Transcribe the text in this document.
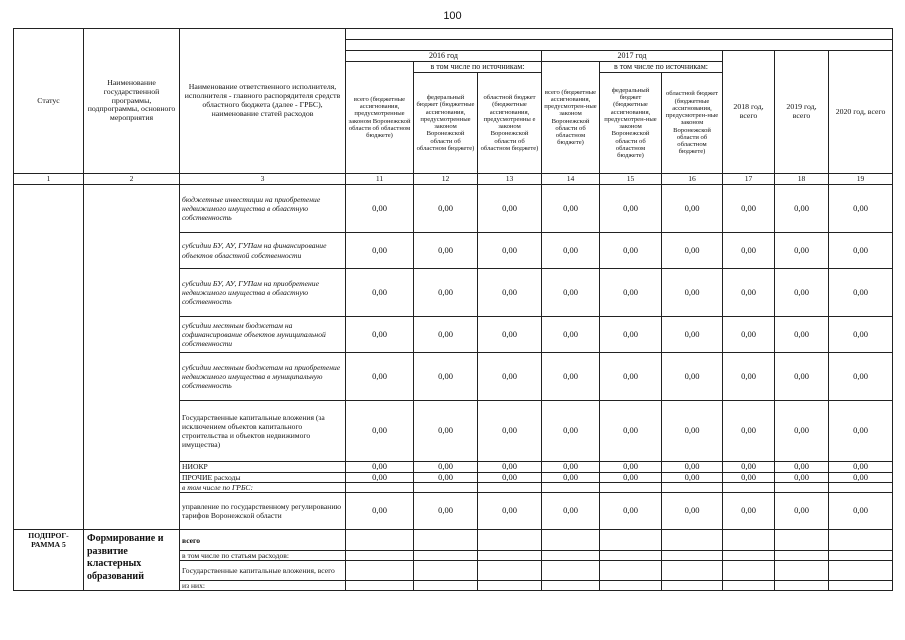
100
Статус	Наименование государственной программы, подпрограммы, основного мероприятия	Наименование ответственного исполнителя, исполнителя - главного распорядителя средств областного бюджета (далее - ГРБС), наименование статей расходов									

			2016 год			2017 год			2018 год, всего	2019 год, всего	2020 год, всего
			всего (бюджетные ассигнования, предусмотренные законом Воронежской области об областном бюджете)	в том числе по источникам:		всего (бюджетные ассигнования, предусмотрен-ные законом Воронежской области об областном бюджете)	в том числе по источникам:				
				федеральный бюджет (бюджетные ассигнования, предусмотренные законом Воронежской области об областном бюджете)	областной бюджет (бюджетные ассигнования, предусмотренны е законом Воронежской области об областном бюджете)		федеральный бюджет (бюджетные ассигнования, предусмотрен-ные законом Воронежской области об областном бюджете)	областной бюджет (бюджетные ассигнования, предусмотрен-ные законом Воронежской области об областном бюджете)			
1	2	3	11	12	13	14	15	16	17	18	19
		бюджетные инвестиции на приобретение недвижимого имущества в областную собственность	0,00	0,00	0,00	0,00	0,00	0,00	0,00	0,00	0,00
		субсидии БУ, АУ, ГУПам на финансирование объектов областной собственности	0,00	0,00	0,00	0,00	0,00	0,00	0,00	0,00	0,00
		субсидии БУ, АУ, ГУПам на приобретение недвижимого имущества в областную собственность	0,00	0,00	0,00	0,00	0,00	0,00	0,00	0,00	0,00
		субсидии местным бюджетам на софинансирование объектов муниципальной собственности	0,00	0,00	0,00	0,00	0,00	0,00	0,00	0,00	0,00
		субсидии местным бюджетам на приобретение недвижимого имущества в муниципальную собственность	0,00	0,00	0,00	0,00	0,00	0,00	0,00	0,00	0,00
		Государственные капитальные вложения (за исключением объектов капитального строительства и объектов недвижимого имущества)	0,00	0,00	0,00	0,00	0,00	0,00	0,00	0,00	0,00
		НИОКР	0,00	0,00	0,00	0,00	0,00	0,00	0,00	0,00	0,00
		ПРОЧИЕ расходы	0,00	0,00	0,00	0,00	0,00	0,00	0,00	0,00	0,00
		в том числе по ГРБС:									
		управление по государственному регулированию тарифов Воронежской области	0,00	0,00	0,00	0,00	0,00	0,00	0,00	0,00	0,00
ПОДПРОГ-РАММА 5	Формирование и развитие кластерных образований	всего									
		в том числе по статьям расходов:									
		Государственные капитальные вложения, всего									
		из них:									
